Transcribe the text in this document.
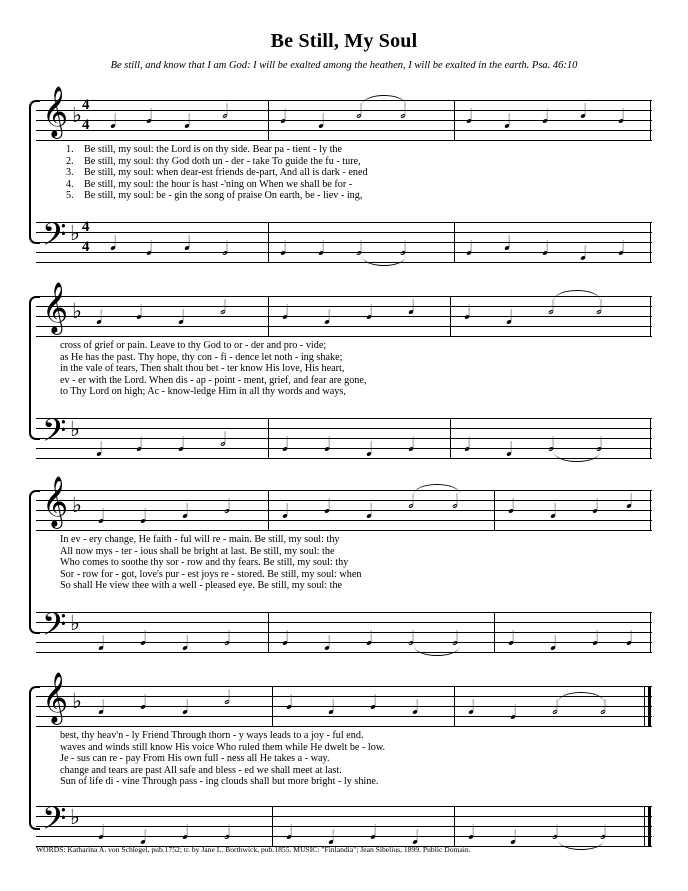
Be Still, My Soul
Be still, and know that I am God: I will be exalted among the heathen, I will be exalted in the earth. Psa. 46:10
𝄞 ♭ 4
4 𝅘𝅥 𝅘𝅥 𝅘𝅥 𝅗𝅥	𝅘𝅥 𝅘𝅥 𝅗𝅥 𝅗𝅥	𝅘𝅥 𝅘𝅥 𝅘𝅥 𝅘𝅥 𝅘𝅥
1. Be still, my soul: the Lord is on thy side. Bear pa - tient - ly the
2. Be still, my soul: thy God doth un - der - take To guide the fu - ture,
3. Be still, my soul: when dear-est friends de-part, And all is dark - ened
4. Be still, my soul: the hour is hast -'ning on When we shall be for -
5. Be still, my soul: be - gin the song of praise On earth, be - liev - ing,
𝄢 ♭ 4
4 𝅘𝅥 𝅘𝅥 𝅘𝅥 𝅗𝅥	𝅘𝅥 𝅘𝅥 𝅗𝅥 𝅗𝅥	𝅘𝅥 𝅘𝅥 𝅘𝅥 𝅘𝅥 𝅘𝅥
𝄞 ♭ 𝅘𝅥 𝅘𝅥 𝅘𝅥 𝅗𝅥	𝅘𝅥 𝅘𝅥 𝅘𝅥 𝅘𝅥	𝅘𝅥 𝅘𝅥 𝅗𝅥 𝅗𝅥
cross of grief or pain. Leave to thy God to or - der and pro - vide;
as He has the past. Thy hope, thy con - fi - dence let noth - ing shake;
in the vale of tears, Then shalt thou bet - ter know His love, His heart,
ev - er with the Lord. When dis - ap - point - ment, grief, and fear are gone,
to Thy Lord on high; Ac - know-ledge Him in all thy words and ways,
𝄢 ♭
𝅘𝅥 𝅘𝅥 𝅘𝅥 𝅗𝅥	𝅘𝅥 𝅘𝅥 𝅘𝅥 𝅘𝅥	𝅘𝅥 𝅘𝅥 𝅗𝅥 𝅗𝅥
𝄞 ♭ 𝅘𝅥 𝅘𝅥 𝅘𝅥 𝅗𝅥	𝅘𝅥 𝅘𝅥 𝅘𝅥 𝅗𝅥 𝅗𝅥	𝅘𝅥 𝅘𝅥 𝅘𝅥 𝅘𝅥
In ev - ery change, He faith - ful will re - main. Be still, my soul: thy
All now mys - ter - ious shall be bright at last. Be still, my soul: the
Who comes to soothe thy sor - row and thy fears. Be still, my soul: thy
Sor - row for - got, love's pur - est joys re - stored. Be still, my soul: when
So shall He view thee with a well - pleased eye. Be still, my soul: the
𝄢 ♭
𝅘𝅥 𝅘𝅥 𝅘𝅥 𝅗𝅥	𝅘𝅥 𝅘𝅥 𝅘𝅥 𝅗𝅥 𝅗𝅥	𝅘𝅥 𝅘𝅥 𝅘𝅥 𝅘𝅥
𝄞 ♭ 𝅘𝅥 𝅘𝅥 𝅘𝅥 𝅗𝅥	𝅘𝅥 𝅘𝅥 𝅘𝅥 𝅘𝅥	𝅘𝅥 𝅘𝅥 𝅗𝅥 𝅗𝅥
best, thy heav'n - ly Friend Through thorn - y ways leads to a joy - ful end.
waves and winds still know His voice Who ruled them while He dwelt be - low.
Je - sus can re - pay From His own full - ness all He takes a - way.
change and tears are past All safe and bless - ed we shall meet at last.
Sun of life di - vine Through pass - ing clouds shall but more bright - ly shine.
𝄢 ♭
𝅘𝅥 𝅘𝅥 𝅘𝅥 𝅗𝅥	𝅘𝅥 𝅘𝅥 𝅘𝅥 𝅘𝅥	𝅘𝅥 𝅘𝅥 𝅗𝅥 𝅗𝅥
WORDS: Katharina A. von Schlegel, pub.1752; tr. by Jane L. Borthwick, pub.1855. MUSIC: "Finlandia"; Jean Sibelius, 1899. Public Domain.
